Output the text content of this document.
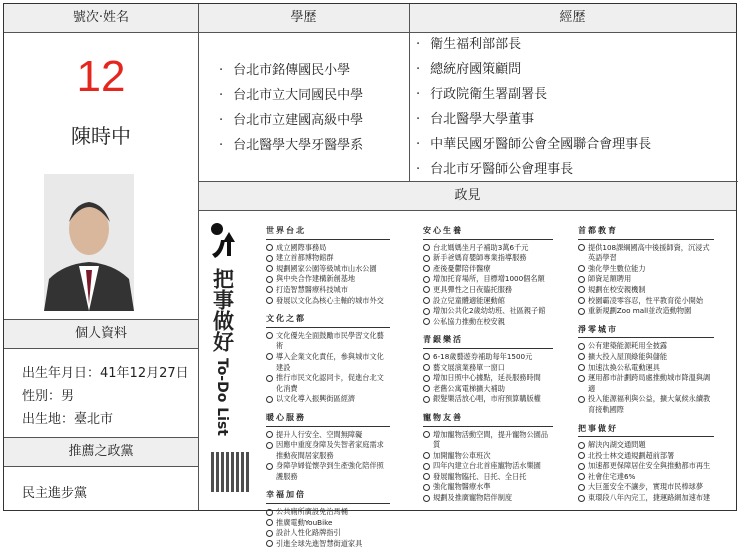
號次·姓名	學歷	經歷
政見
12
陳時中
個人資料
出生年月日：41年12月27日
性別：男
出生地：臺北市
推薦之政黨
民主進步黨
· 台北市銘傳國民小學
· 台北市立大同國民中學
· 台北市立建國高級中學
· 台北醫學大學牙醫學系
· 衛生福利部部長
· 總統府國策顧問
· 行政院衛生署副署長
· 台北醫學大學董事
· 中華民國牙醫師公會全國聯合會理事長
· 台北市牙醫師公會理事長
把事做好
To-Do List
世界台北
成立國際事務局
建立首都博物館群
規劃國家公園等級城市山水公園
與中央合作建構新創基地
打造智慧醫療科技城市
發展以文化為核心主軸的城市外交
文化之都
文化優先全面鼓勵市民學習文化藝術
導入企業文化責任，參與城市文化建設
推行市民文化認同卡，促進台北文化消費
以文化導入振興街區經濟
暖心服務
提升人行安全、空間無障礙
因應中重度身障及失智者家庭需求推動夜間居家服務
身障孕婦從懷孕到生產強化陪伴照護服務
幸福加倍
公共廁所廣設免治馬桶
推廣電動YouBike
設計人性化路牌指引
引進全球先進智慧街道家具
安心生養
台北媽媽坐月子補助3萬6千元
新手爸媽育嬰師專業指導服務
產後憂鬱陪伴醫療
增加托育場所，目標增1000個名額
更具彈性之日夜臨托服務
設立兒童體適能運動館
增加公共化2歲幼幼班、社區親子館
公私協力推動在校安親
青銀樂活
6-18歲藝遊券補助每年1500元
藝文展演業務單一窗口
增加日照中心據點，延長服務時間
老舊公寓電梯擴大補助
銀髮樂活放心唱，市府預算購版權
寵物友善
增加寵物活動空間，提升寵物公園品質
加開寵物公車班次
四年內建立台北首座寵物活水樂園
發展寵物臨托、日托、全日托
強化寵物醫療水準
規劃及推廣寵物陪伴制度
首都教育
提供108課綱國高中後援師資，沉浸式英語學習
強化學生數位能力
師資足額聘用
規劃在校安親機制
校園霸凌零容忍，性平教育從小開始
重新規劃Zoo mall並改造動物園
淨零城市
公有建築能源耗用全披露
擴大投入屋頂綠能與儲能
加速汰換公私電動運具
運用都市計劃跨局處推動城市降溫與調適
投入能源福利與公益，擴大氣候永續教育接軌國際
把事做好
解決內湖交通問題
北投士林交通規劃超前部署
加速都更保障居住安全與推動都市再生
社會住宅達6%
大巨蛋安全不讓步，實現市民棒球夢
東環段八年內完工，捷運路網加速布建
